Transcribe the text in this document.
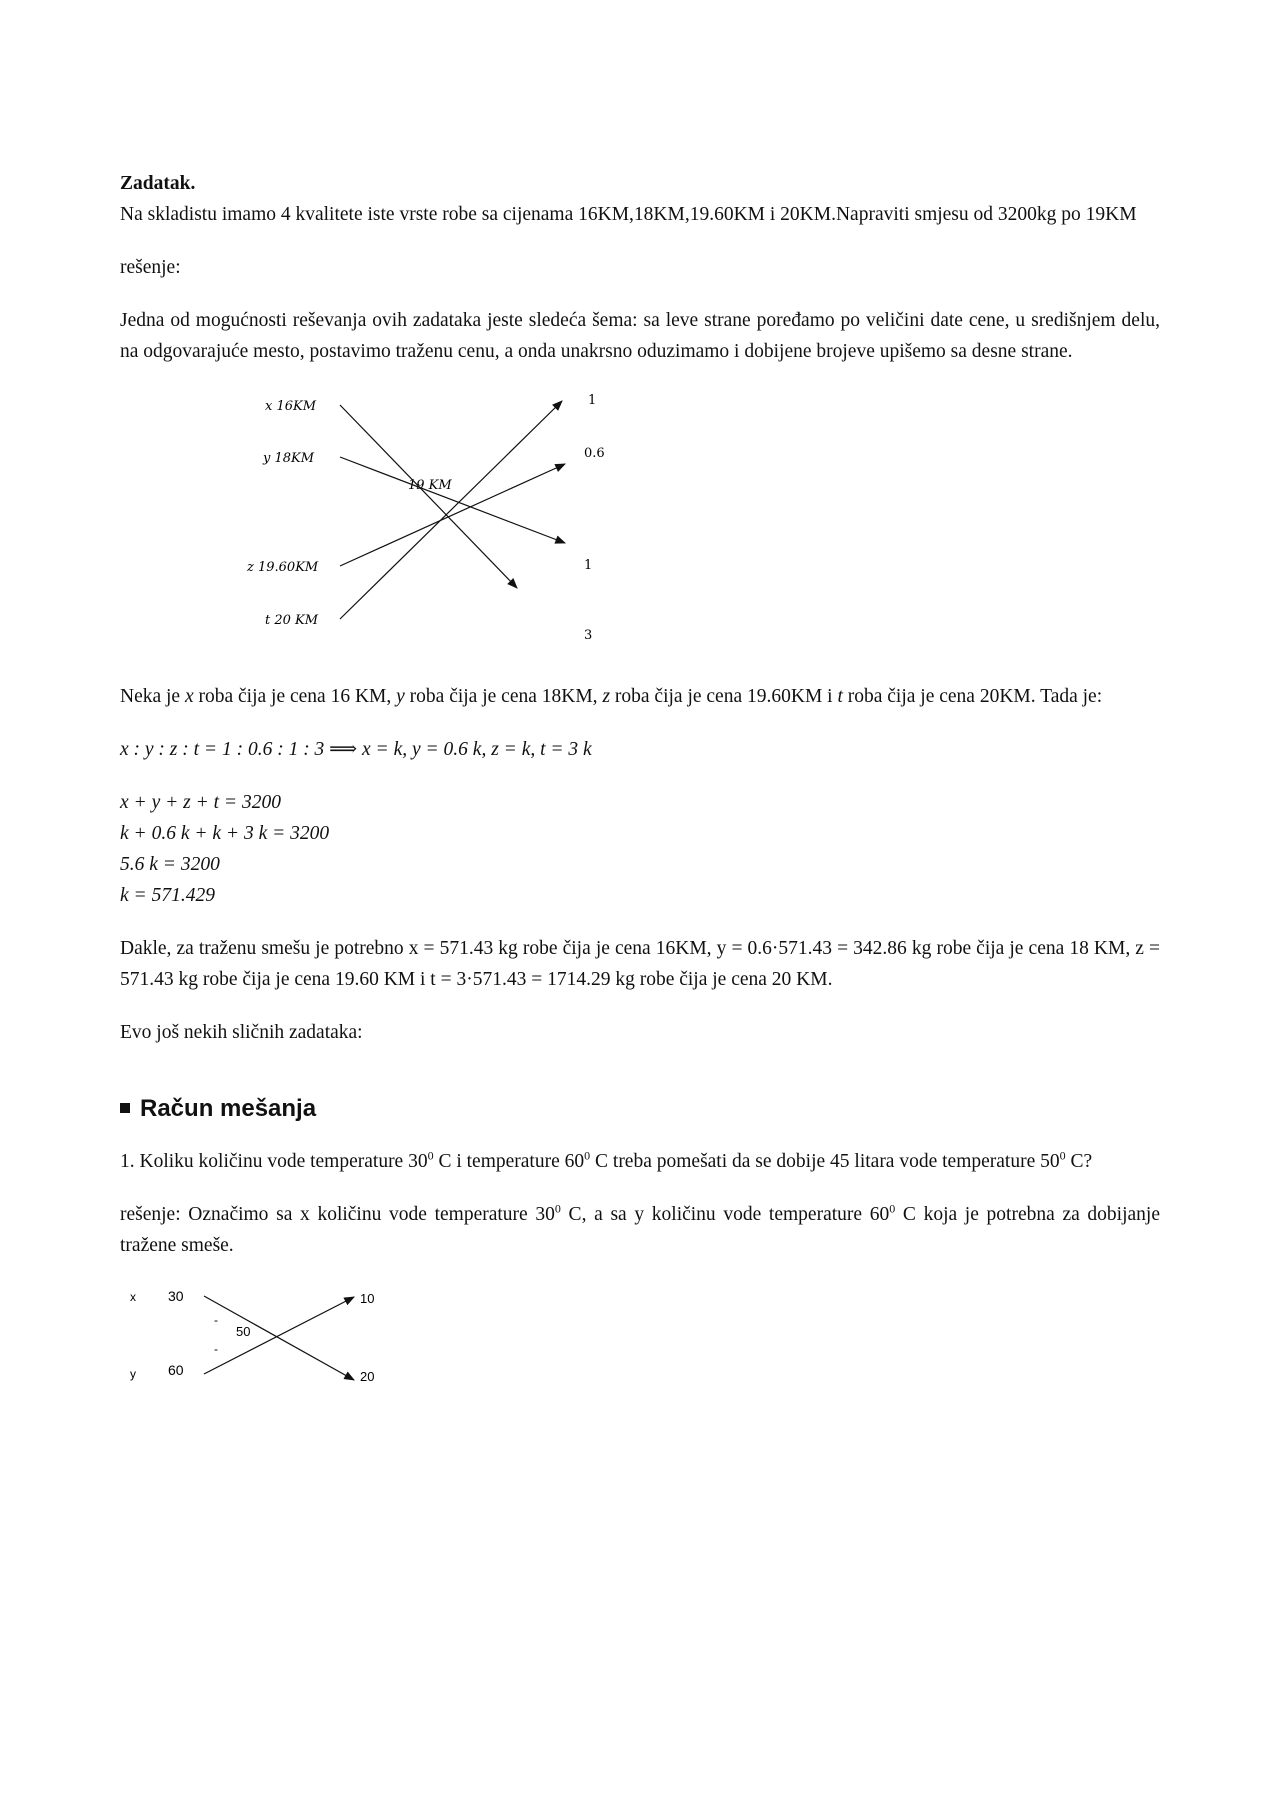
Zadatak.

Na skladistu imamo 4 kvalitete iste vrste robe sa cijenama 16KM,18KM,19.60KM i 20KM.Napraviti smjesu od 3200kg po 19KM

rešenje:

Jedna od mogućnosti reševanja ovih zadataka jeste sledeća šema: sa leve strane poređamo po veličini date cene, u središnjem delu, na odgovarajuće mesto, postavimo traženu cenu, a onda unakrsno oduzimamo i dobijene brojeve upišemo sa desne strane.

x 16KM
y 18KM
z 19.60KM
t 20 KM
19 KM
1
0.6
1
3

Neka je x roba čija je cena 16 KM, y roba čija je cena 18KM, z roba čija je cena 19.60KM i t roba čija je cena 20KM. Tada je:

x : y : z : t = 1 : 0.6 : 1 : 3 ⟹ x = k, y = 0.6 k, z = k, t = 3 k

x + y + z + t = 3200

k + 0.6 k + k + 3 k = 3200

5.6 k = 3200

k = 571.429

Dakle, za traženu smešu je potrebno x = 571.43 kg robe čija je cena 16KM, y = 0.6·571.43 = 342.86 kg robe čija je cena 18 KM, z = 571.43 kg robe čija je cena 19.60 KM i t = 3·571.43 = 1714.29 kg robe čija je cena 20 KM.

Evo još nekih sličnih zadataka:

Račun mešanja

1. Koliku količinu vode temperature $30^0$ C i temperature $60^0$ C treba pomešati da se dobije 45 litara vode temperature $50^0$ C?

rešenje: Označimo sa x količinu vode temperature $30^0$ C, a sa y količinu vode temperature $60^0$ C koja je potrebna za dobijanje tražene smeše.

x
y
30
60
-
-
50
10
20
